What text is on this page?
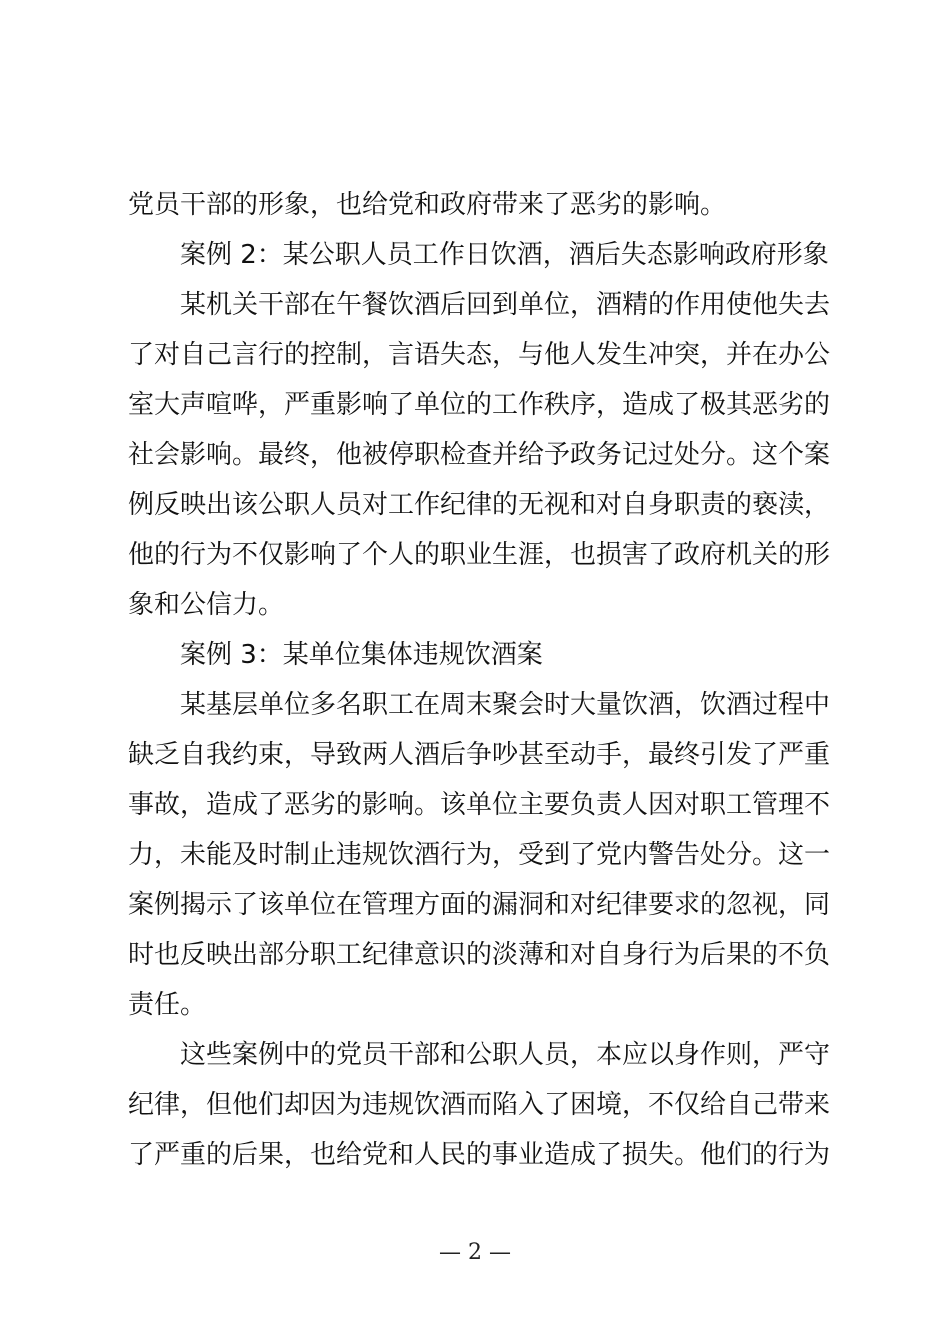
党员干部的形象，也给党和政府带来了恶劣的影响。
案例 2：某公职人员工作日饮酒，酒后失态影响政府形象
某机关干部在午餐饮酒后回到单位，酒精的作用使他失去
了对自己言行的控制，言语失态，与他人发生冲突，并在办公
室大声喧哗，严重影响了单位的工作秩序，造成了极其恶劣的
社会影响。最终，他被停职检查并给予政务记过处分。这个案
例反映出该公职人员对工作纪律的无视和对自身职责的亵渎，
他的行为不仅影响了个人的职业生涯，也损害了政府机关的形
象和公信力。
案例 3：某单位集体违规饮酒案
某基层单位多名职工在周末聚会时大量饮酒，饮酒过程中
缺乏自我约束，导致两人酒后争吵甚至动手，最终引发了严重
事故，造成了恶劣的影响。该单位主要负责人因对职工管理不
力，未能及时制止违规饮酒行为，受到了党内警告处分。这一
案例揭示了该单位在管理方面的漏洞和对纪律要求的忽视，同
时也反映出部分职工纪律意识的淡薄和对自身行为后果的不负
责任。
这些案例中的党员干部和公职人员，本应以身作则，严守
纪律，但他们却因为违规饮酒而陷入了困境，不仅给自己带来
了严重的后果，也给党和人民的事业造成了损失。他们的行为
— 2 —
